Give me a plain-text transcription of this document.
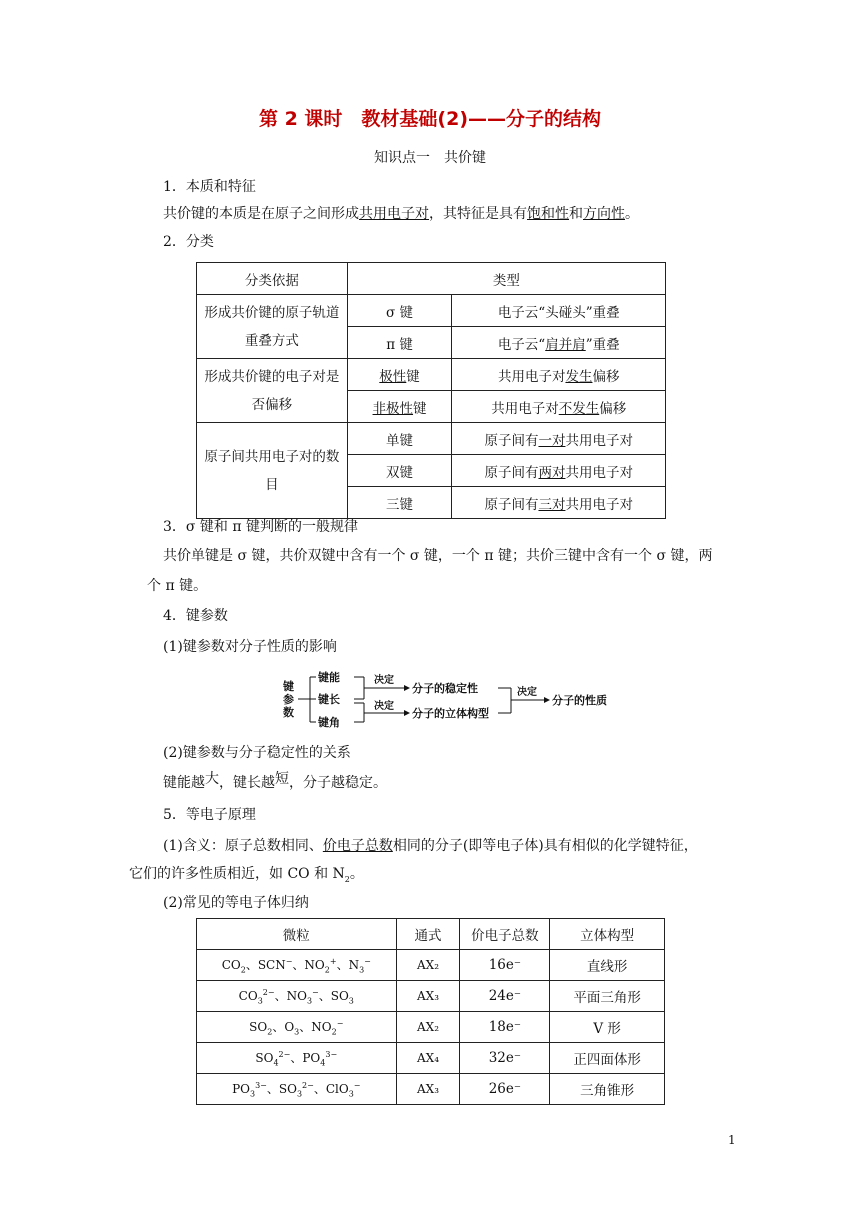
第 2 课时　教材基础(2)——分子的结构
知识点一　共价键
1．本质和特征
共价键的本质是在原子之间形成共用电子对，其特征是具有饱和性和方向性。
2．分类
分类依据	类型	
形成共价键的原子轨道重叠方式	σ 键	电子云“头碰头”重叠
	π 键	电子云“肩并肩”重叠
形成共价键的电子对是否偏移	极性键	共用电子对发生偏移
	非极性键	共用电子对不发生偏移
原子间共用电子对的数目	单键	原子间有一对共用电子对
	双键	原子间有两对共用电子对
	三键	原子间有三对共用电子对
3．σ 键和 π 键判断的一般规律
共价单键是 σ 键，共价双键中含有一个 σ 键，一个 π 键；共价三键中含有一个 σ 键，两
个 π 键。
4．键参数
(1)键参数对分子性质的影响
键
参
数
键能
键长
键角
决定
决定
分子的稳定性
分子的立体构型
决定
分子的性质
(2)键参数与分子稳定性的关系
键能越大，键长越短，分子越稳定。
5．等电子原理
(1)含义：原子总数相同、价电子总数相同的分子(即等电子体)具有相似的化学键特征，
它们的许多性质相近，如 CO 和 $N_2$。
(2)常见的等电子体归纳
微粒	通式	价电子总数	立体构型
$CO_2$、SCN−、$NO_2^+$、$N_3^-$	AX₂	16e⁻	直线形
$CO_3^{2-}$、$NO_3^-$、$SO_3$	AX₃	24e⁻	平面三角形
$SO_2$、$O_3$、$NO_2^-$	AX₂	18e⁻	V 形
$SO_4^{2-}$、$PO_4^{3-}$	AX₄	32e⁻	正四面体形
$PO_3^{3-}$、$SO_3^{2-}$、ClO$_3$−	AX₃	26e⁻	三角锥形
1
